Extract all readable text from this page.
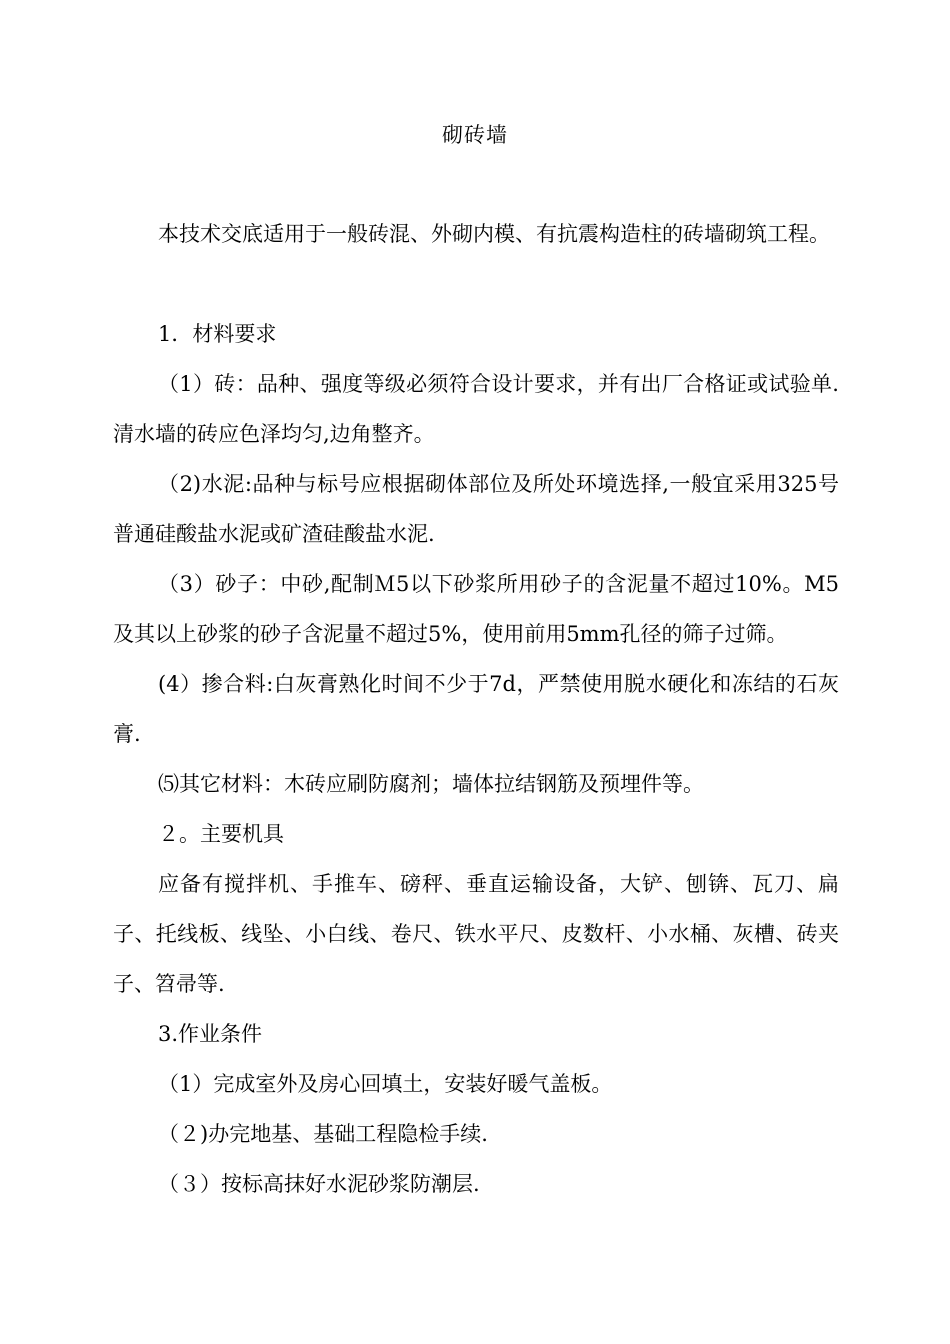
砌砖墙
本技术交底适用于一般砖混、外砌内模、有抗震构造柱的砖墙砌筑工程。
1．材料要求
（1）砖：品种、强度等级必须符合设计要求，并有出厂合格证或试验单.清水墙的砖应色泽均匀,边角整齐。
（2)水泥:品种与标号应根据砌体部位及所处环境选择,一般宜采用325号普通硅酸盐水泥或矿渣硅酸盐水泥.
（3）砂子：中砂,配制Ｍ5以下砂浆所用砂子的含泥量不超过10%。M5及其以上砂浆的砂子含泥量不超过5%，使用前用5mm孔径的筛子过筛。
(4）掺合料:白灰膏熟化时间不少于7d，严禁使用脱水硬化和冻结的石灰膏.
⑸其它材料：木砖应刷防腐剂；墙体拉结钢筋及预埋件等。
２。主要机具
应备有搅拌机、手推车、磅秤、垂直运输设备，大铲、刨锛、瓦刀、扁子、托线板、线坠、小白线、卷尺、铁水平尺、皮数杆、小水桶、灰槽、砖夹子、笤帚等.
3.作业条件
（1）完成室外及房心回填土，安装好暖气盖板。
（２)办完地基、基础工程隐检手续.
（３）按标高抹好水泥砂浆防潮层.
